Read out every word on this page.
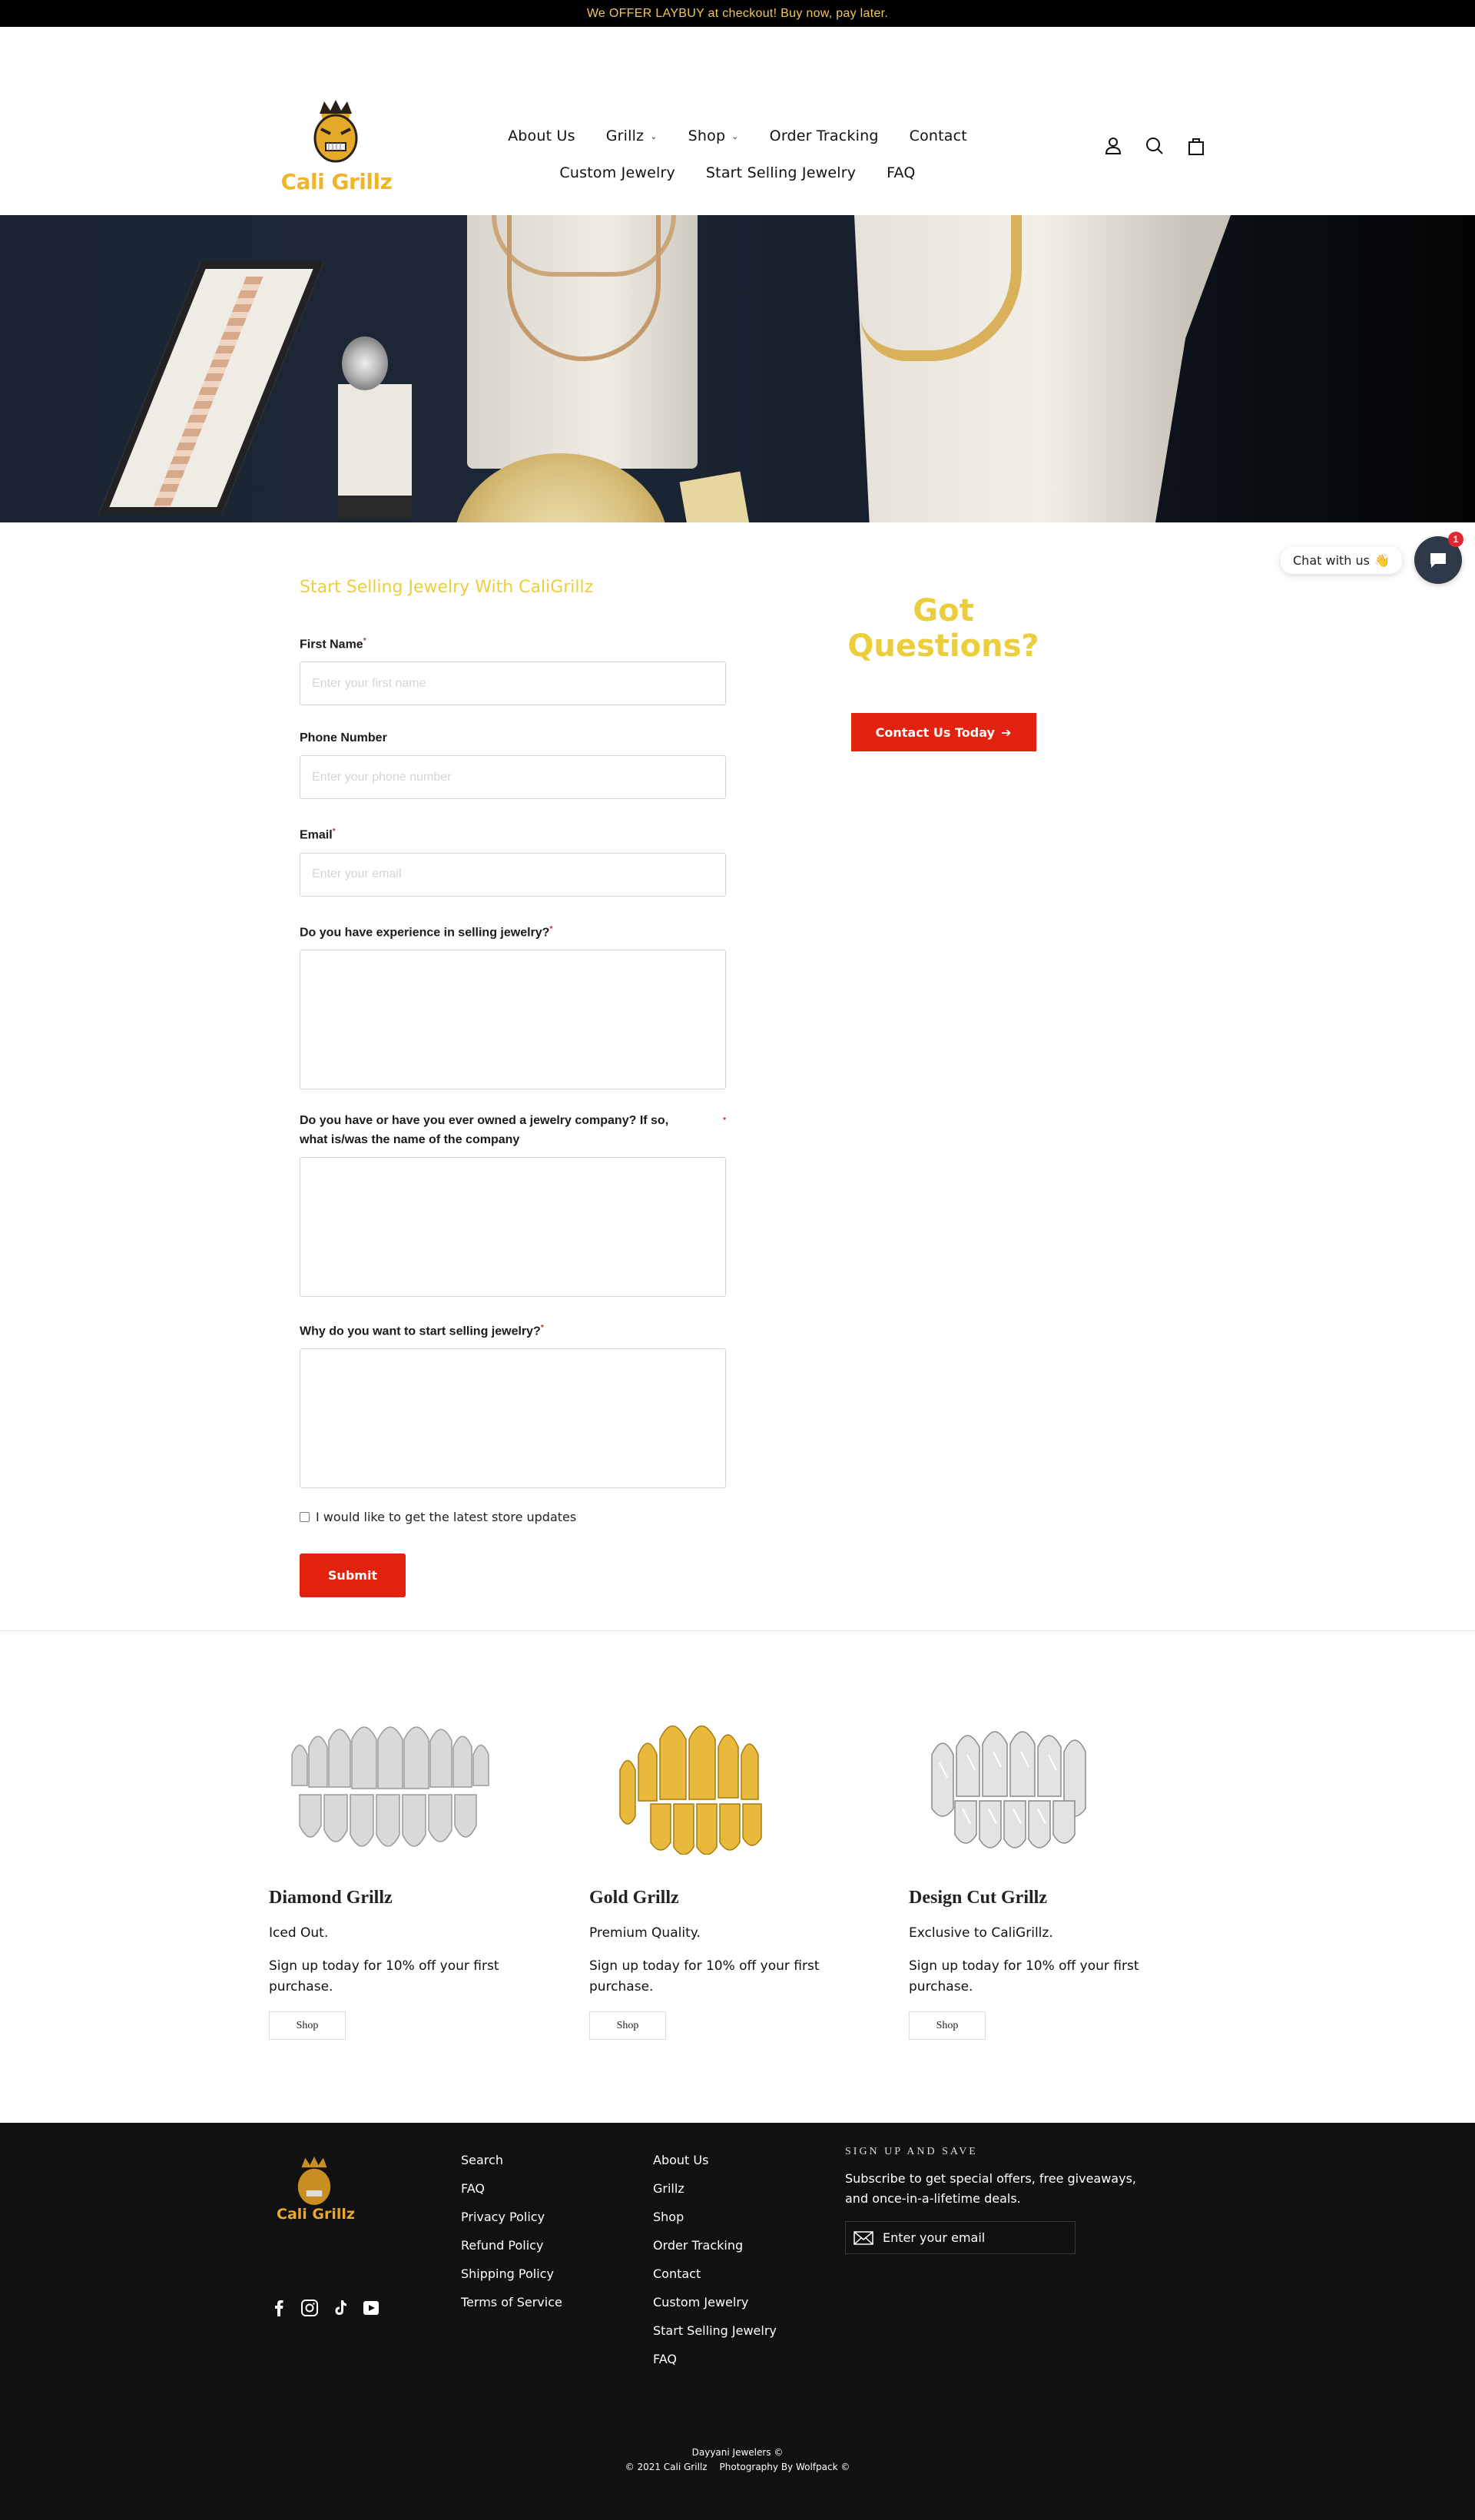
We OFFER LAYBUY at checkout! Buy now, pay later.
Cali Grillz
About Us Grillz ⌄ Shop ⌄ Order Tracking Contact
Custom Jewelry Start Selling Jewelry FAQ
Start Selling Jewelry With CaliGrillz
First Name*
Enter your first name
Phone Number
Enter your phone number
Email*
Enter your email
Do you have experience in selling jewelry?*
Do you have or have you ever owned a jewelry company? If so, what is/was the name of the company
*
Why do you want to start selling jewelry?*
I would like to get the latest store updates
Submit
Got Questions?
Contact Us Today ➔
Chat with us 👋
1
Diamond Grillz

Iced Out.

Sign up today for 10% off your first purchase.

Shop
Gold Grillz

Premium Quality.

Sign up today for 10% off your first purchase.

Shop
Design Cut Grillz

Exclusive to CaliGrillz.

Sign up today for 10% off your first purchase.

Shop
Cali Grillz
Search
FAQ
Privacy Policy
Refund Policy
Shipping Policy
Terms of Service
About Us
Grillz
Shop
Order Tracking
Contact
Custom Jewelry
Start Selling Jewelry
FAQ
SIGN UP AND SAVE

Subscribe to get special offers, free giveaways, and once-in-a-lifetime deals.

Enter your email
Dayyani Jewelers ©
© 2021 Cali Grillz Photography By Wolfpack ©
